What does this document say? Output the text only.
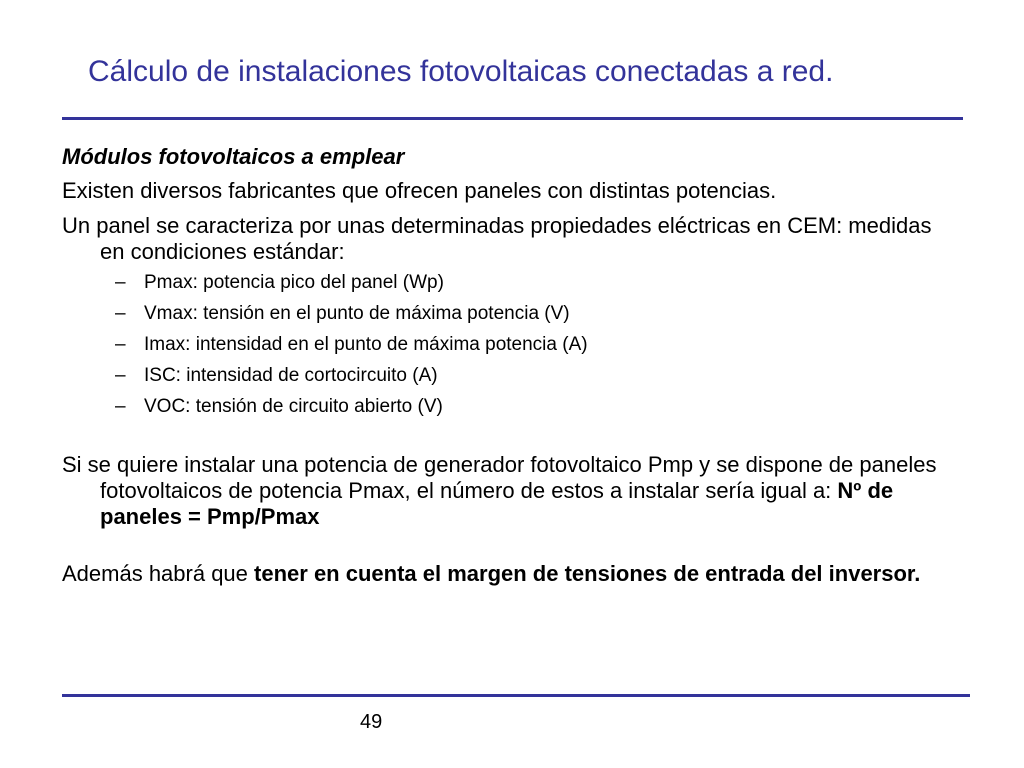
Cálculo de instalaciones fotovoltaicas conectadas a red.
Módulos fotovoltaicos a emplear
Existen diversos fabricantes que ofrecen paneles con distintas potencias.
Un panel se caracteriza por unas determinadas propiedades eléctricas en CEM: medidas en condiciones estándar:
– Pmax: potencia pico del panel (Wp)
– Vmax: tensión en el punto de máxima potencia (V)
– Imax: intensidad en el punto de máxima potencia (A)
– ISC: intensidad de cortocircuito (A)
– VOC: tensión de circuito abierto (V)
Si se quiere instalar una potencia de generador fotovoltaico Pmp y se dispone de paneles fotovoltaicos de potencia Pmax, el número de estos a instalar sería igual a: Nº de paneles = Pmp/Pmax
Además habrá que tener en cuenta el margen de tensiones de entrada del inversor.
49
